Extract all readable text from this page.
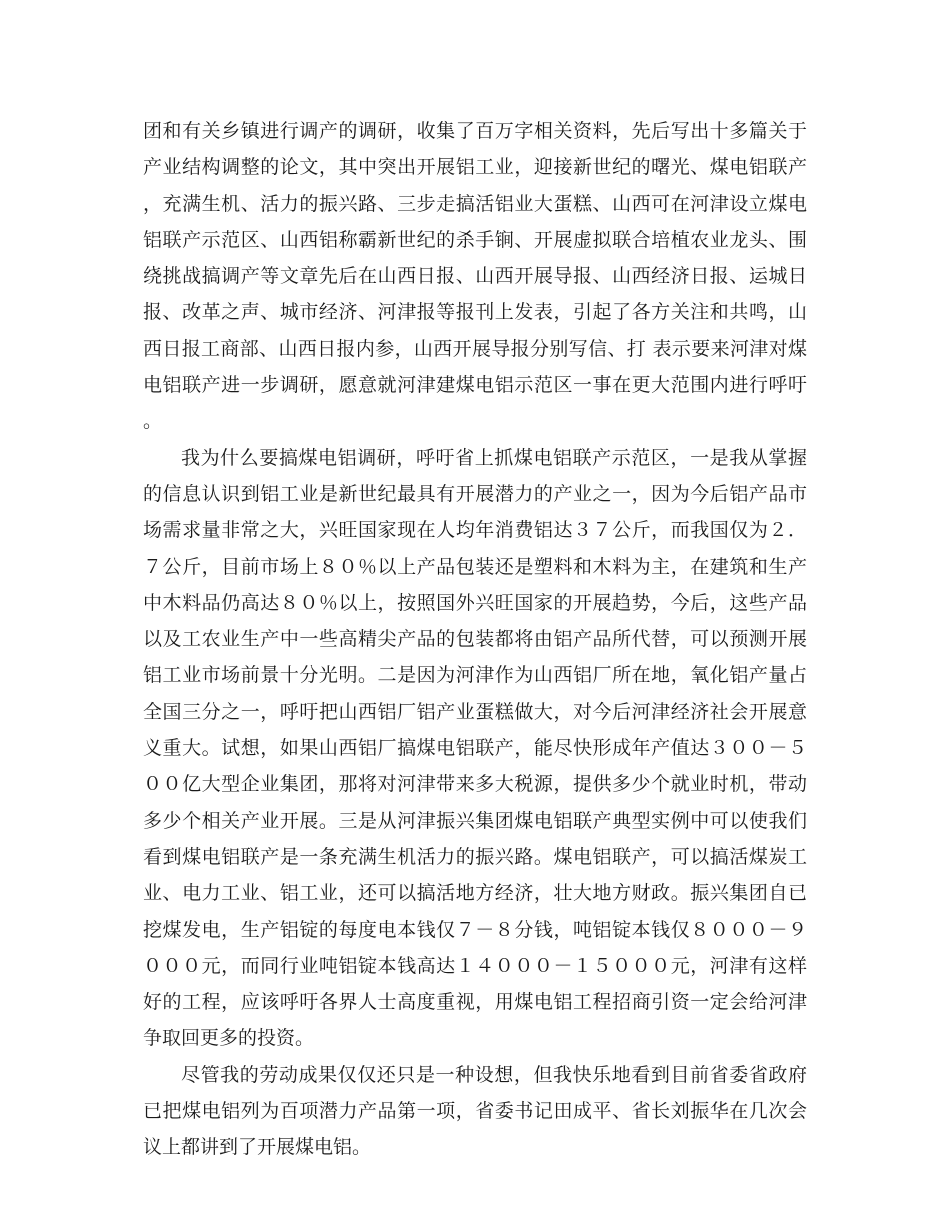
团和有关乡镇进行调产的调研，收集了百万字相关资料，先后写出十多篇关于产业结构调整的论文，其中突出开展铝工业，迎接新世纪的曙光、煤电铝联产，充满生机、活力的振兴路、三步走搞活铝业大蛋糕、山西可在河津设立煤电铝联产示范区、山西铝称霸新世纪的杀手锏、开展虚拟联合培植农业龙头、围绕挑战搞调产等文章先后在山西日报、山西开展导报、山西经济日报、运城日报、改革之声、城市经济、河津报等报刊上发表，引起了各方关注和共鸣，山西日报工商部、山西日报内参，山西开展导报分别写信、打 表示要来河津对煤电铝联产进一步调研，愿意就河津建煤电铝示范区一事在更大范围内进行呼吁。

我为什么要搞煤电铝调研，呼吁省上抓煤电铝联产示范区，一是我从掌握的信息认识到铝工业是新世纪最具有开展潜力的产业之一，因为今后铝产品市场需求量非常之大，兴旺国家现在人均年消费铝达３７公斤，而我国仅为２．７公斤，目前市场上８０％以上产品包装还是塑料和木料为主，在建筑和生产中木料品仍高达８０％以上，按照国外兴旺国家的开展趋势，今后，这些产品以及工农业生产中一些高精尖产品的包装都将由铝产品所代替，可以预测开展铝工业市场前景十分光明。二是因为河津作为山西铝厂所在地，氧化铝产量占全国三分之一，呼吁把山西铝厂铝产业蛋糕做大，对今后河津经济社会开展意义重大。试想，如果山西铝厂搞煤电铝联产，能尽快形成年产值达３００－５００亿大型企业集团，那将对河津带来多大税源，提供多少个就业时机，带动多少个相关产业开展。三是从河津振兴集团煤电铝联产典型实例中可以使我们看到煤电铝联产是一条充满生机活力的振兴路。煤电铝联产，可以搞活煤炭工业、电力工业、铝工业，还可以搞活地方经济，壮大地方财政。振兴集团自已挖煤发电，生产铝锭的每度电本钱仅７－８分钱，吨铝锭本钱仅８０００－９０００元，而同行业吨铝锭本钱高达１４０００－１５０００元，河津有这样好的工程，应该呼吁各界人士高度重视，用煤电铝工程招商引资一定会给河津争取回更多的投资。

尽管我的劳动成果仅仅还只是一种设想，但我快乐地看到目前省委省政府已把煤电铝列为百项潜力产品第一项，省委书记田成平、省长刘振华在几次会议上都讲到了开展煤电铝。
